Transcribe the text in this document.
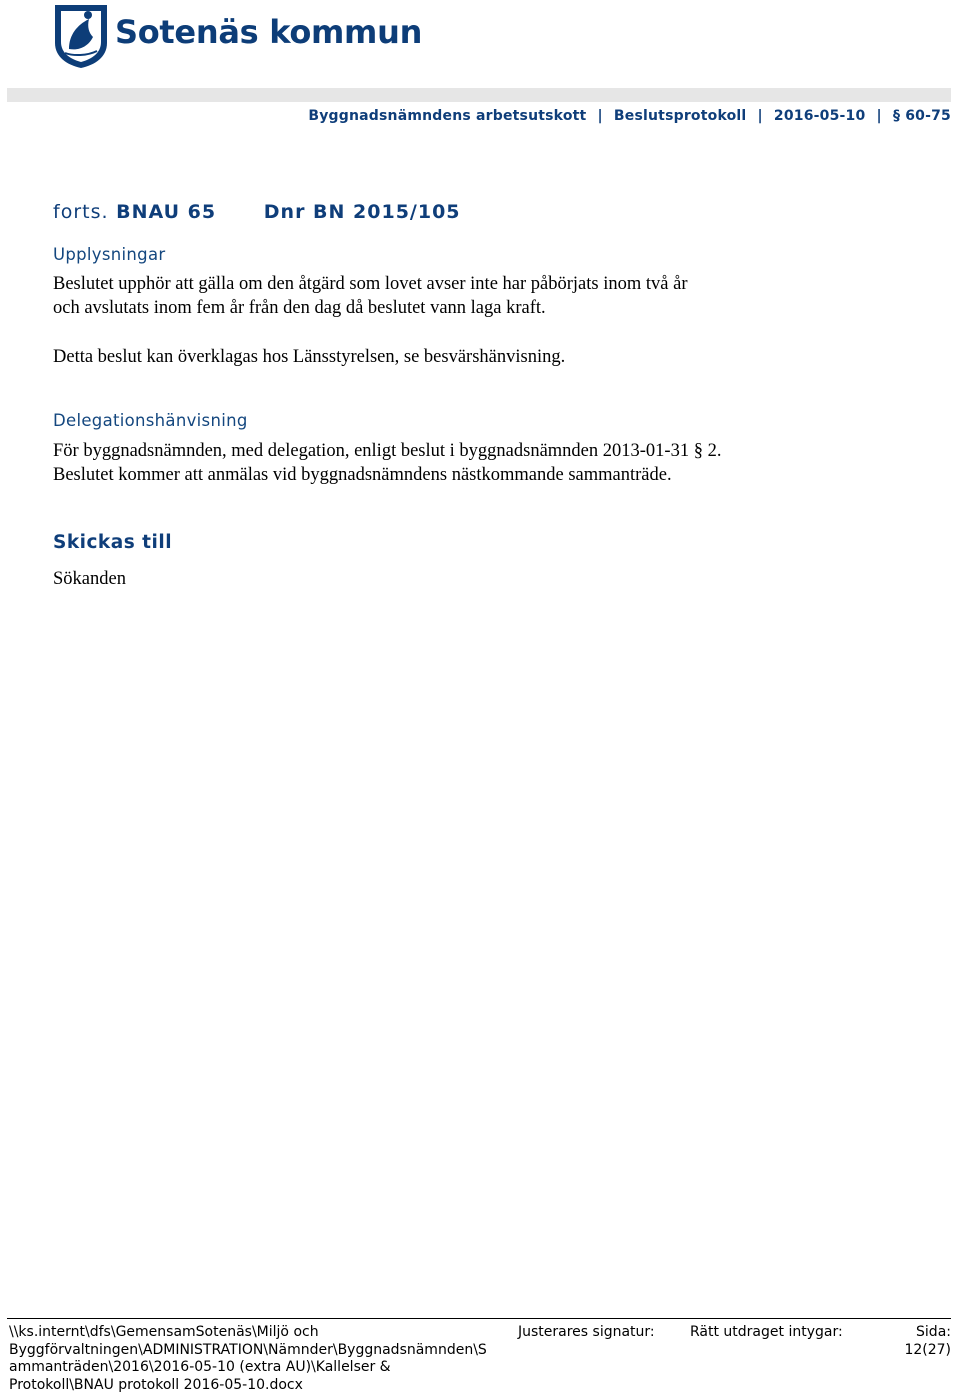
Sotenäs kommun
Byggnadsnämndens arbetsutskott | Beslutsprotokoll | 2016-05-10 | § 60-75
forts. BNAU 65	Dnr BN 2015/105
Upplysningar
Beslutet upphör att gälla om den åtgärd som lovet avser inte har påbörjats inom två år
och avslutats inom fem år från den dag då beslutet vann laga kraft.
Detta beslut kan överklagas hos Länsstyrelsen, se besvärshänvisning.
Delegationshänvisning
För byggnadsnämnden, med delegation, enligt beslut i byggnadsnämnden 2013-01-31 § 2.
Beslutet kommer att anmälas vid byggnadsnämndens nästkommande sammanträde.
Skickas till
Sökanden
\\ks.internt\dfs\GemensamSotenäs\Miljö och
Byggförvaltningen\ADMINISTRATION\Nämnder\Byggnadsnämnden\S
ammanträden\2016\2016-05-10 (extra AU)\Kallelser &
Protokoll\BNAU protokoll 2016-05-10.docx
Justerares signatur:	Rätt utdraget intygar:	Sida:
12(27)
